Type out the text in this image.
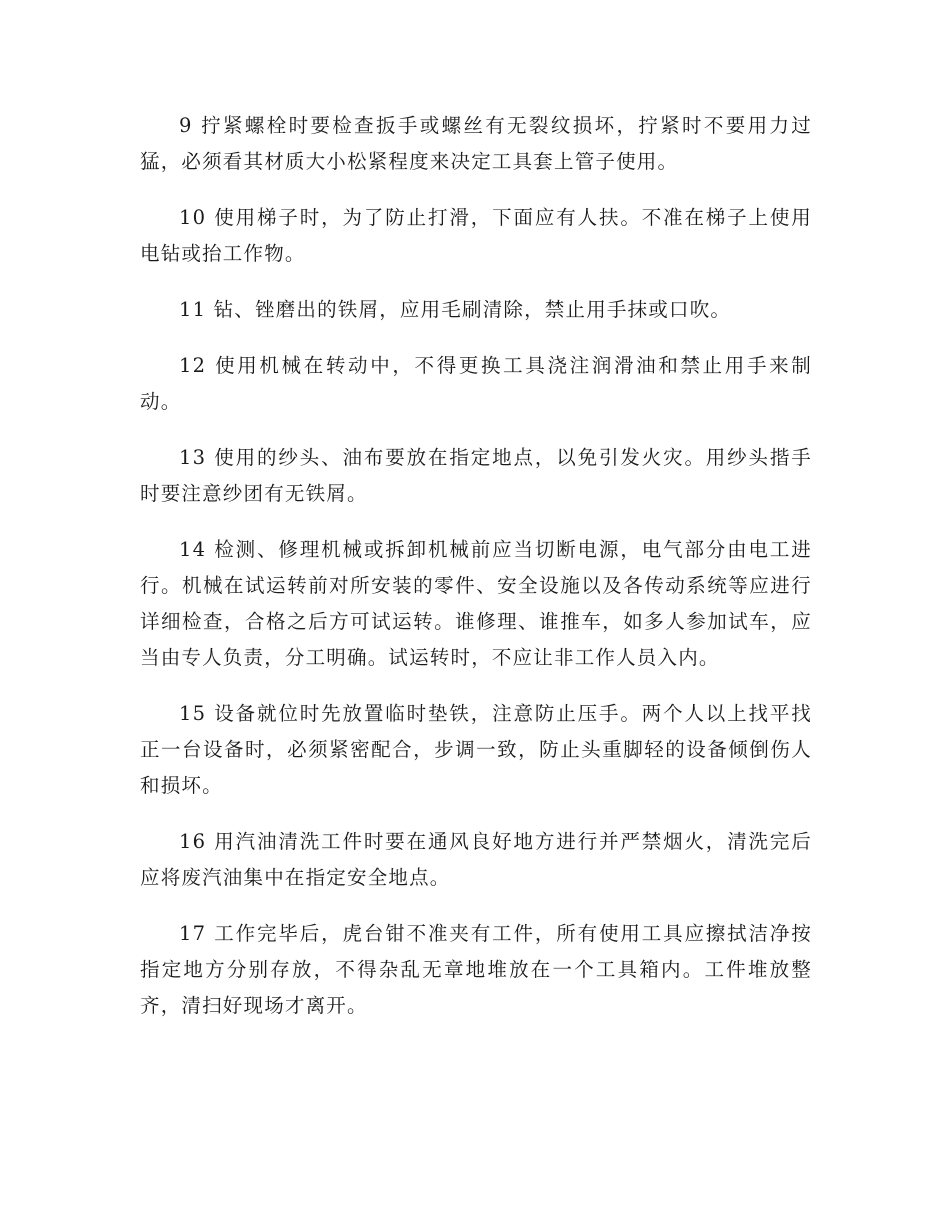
9 拧紧螺栓时要检查扳手或螺丝有无裂纹损坏，拧紧时不要用力过猛，必须看其材质大小松紧程度来决定工具套上管子使用。

10 使用梯子时，为了防止打滑，下面应有人扶。不准在梯子上使用电钻或抬工作物。

11 钻、锉磨出的铁屑，应用毛刷清除，禁止用手抹或口吹。

12 使用机械在转动中，不得更换工具浇注润滑油和禁止用手来制动。

13 使用的纱头、油布要放在指定地点，以免引发火灾。用纱头揩手时要注意纱团有无铁屑。

14 检测、修理机械或拆卸机械前应当切断电源，电气部分由电工进行。机械在试运转前对所安装的零件、安全设施以及各传动系统等应进行详细检查，合格之后方可试运转。谁修理、谁推车，如多人参加试车，应当由专人负责，分工明确。试运转时，不应让非工作人员入内。

15 设备就位时先放置临时垫铁，注意防止压手。两个人以上找平找正一台设备时，必须紧密配合，步调一致，防止头重脚轻的设备倾倒伤人和损坏。

16 用汽油清洗工件时要在通风良好地方进行并严禁烟火，清洗完后应将废汽油集中在指定安全地点。

17 工作完毕后，虎台钳不准夹有工件，所有使用工具应擦拭洁净按指定地方分别存放，不得杂乱无章地堆放在一个工具箱内。工件堆放整齐，清扫好现场才离开。
